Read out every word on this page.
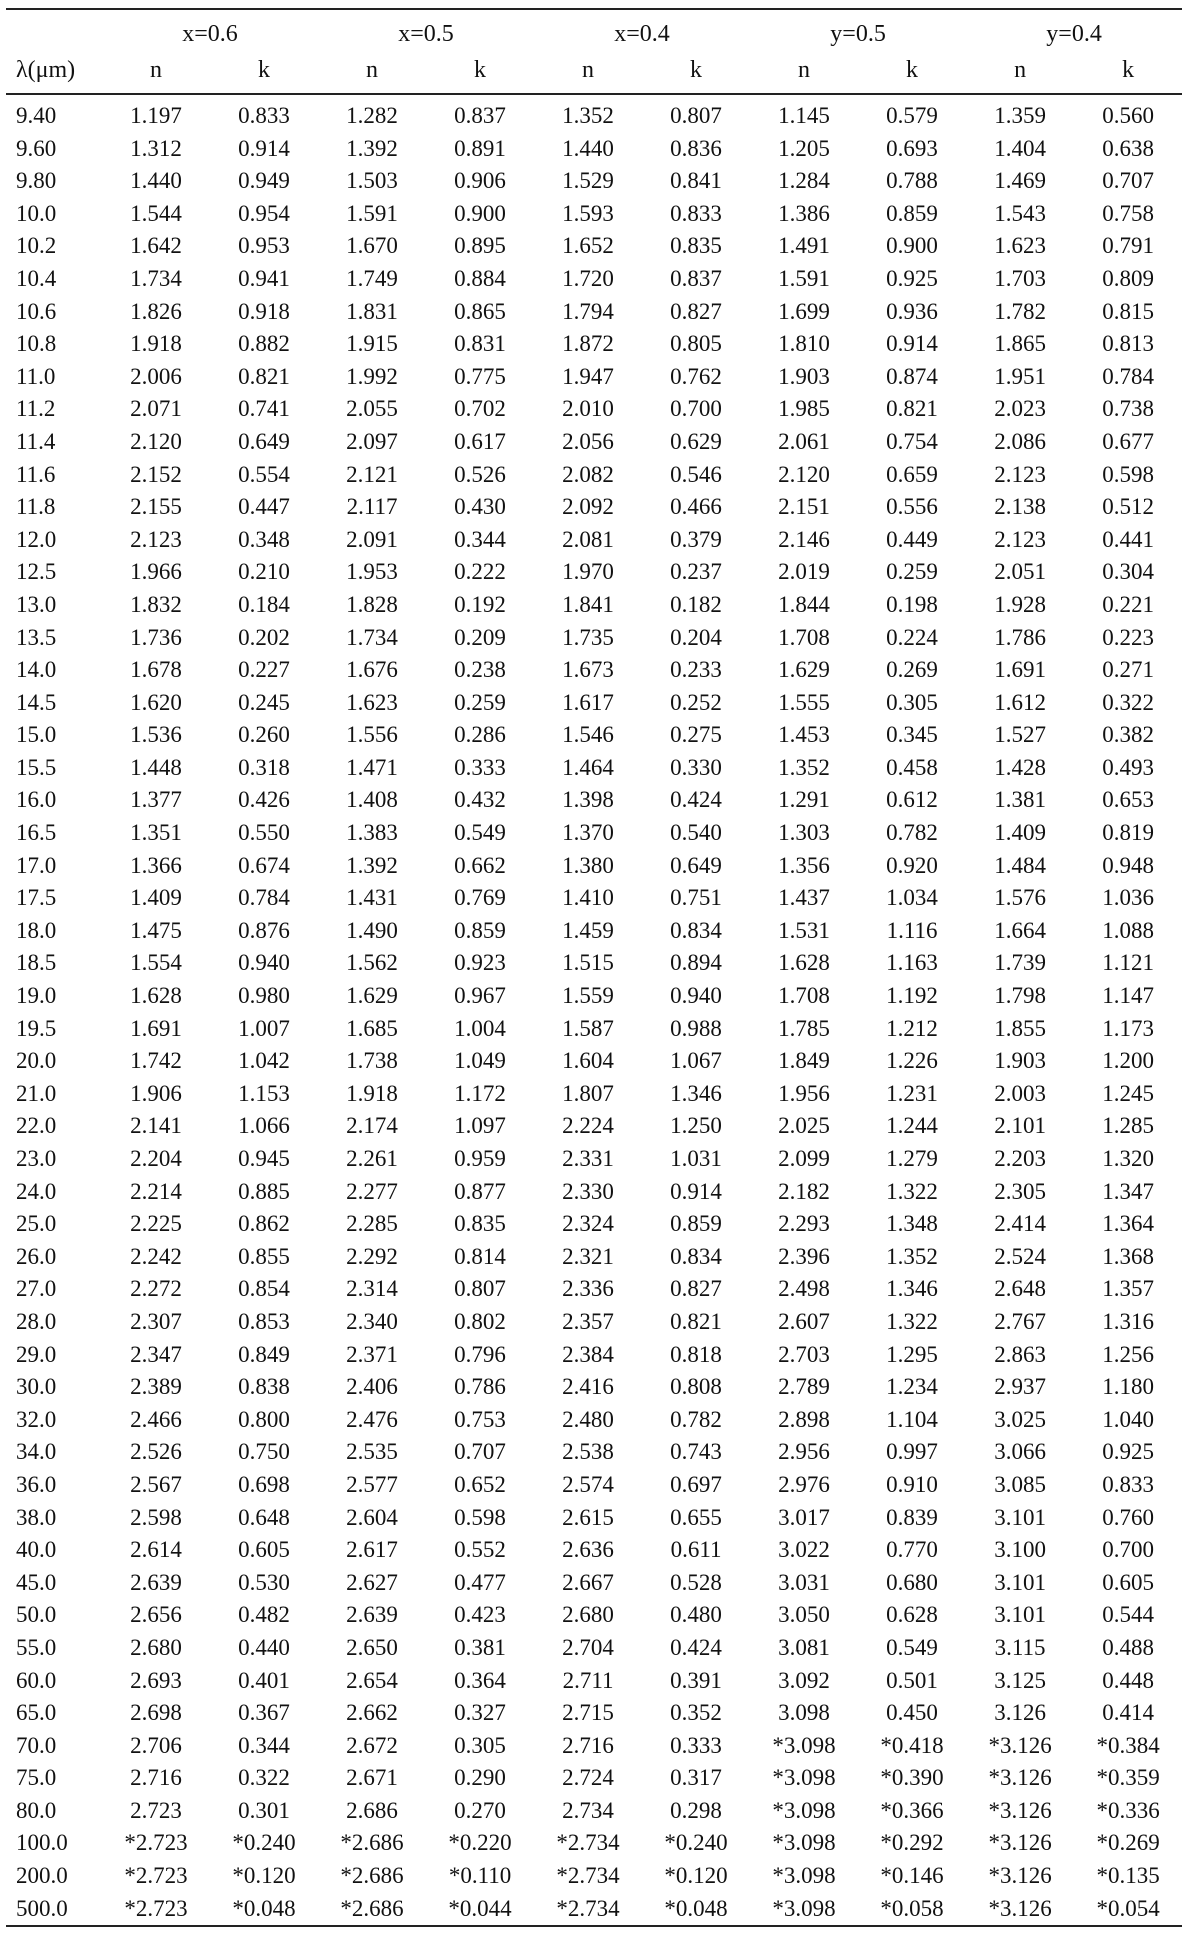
	x=0.6		x=0.5		x=0.4		y=0.5		y=0.4	
λ(μm)	n	k	n	k	n	k	n	k	n	k

9.40	1.197	0.833	1.282	0.837	1.352	0.807	1.145	0.579	1.359	0.560
9.60	1.312	0.914	1.392	0.891	1.440	0.836	1.205	0.693	1.404	0.638
9.80	1.440	0.949	1.503	0.906	1.529	0.841	1.284	0.788	1.469	0.707
10.0	1.544	0.954	1.591	0.900	1.593	0.833	1.386	0.859	1.543	0.758
10.2	1.642	0.953	1.670	0.895	1.652	0.835	1.491	0.900	1.623	0.791
10.4	1.734	0.941	1.749	0.884	1.720	0.837	1.591	0.925	1.703	0.809
10.6	1.826	0.918	1.831	0.865	1.794	0.827	1.699	0.936	1.782	0.815
10.8	1.918	0.882	1.915	0.831	1.872	0.805	1.810	0.914	1.865	0.813
11.0	2.006	0.821	1.992	0.775	1.947	0.762	1.903	0.874	1.951	0.784
11.2	2.071	0.741	2.055	0.702	2.010	0.700	1.985	0.821	2.023	0.738
11.4	2.120	0.649	2.097	0.617	2.056	0.629	2.061	0.754	2.086	0.677
11.6	2.152	0.554	2.121	0.526	2.082	0.546	2.120	0.659	2.123	0.598
11.8	2.155	0.447	2.117	0.430	2.092	0.466	2.151	0.556	2.138	0.512
12.0	2.123	0.348	2.091	0.344	2.081	0.379	2.146	0.449	2.123	0.441
12.5	1.966	0.210	1.953	0.222	1.970	0.237	2.019	0.259	2.051	0.304
13.0	1.832	0.184	1.828	0.192	1.841	0.182	1.844	0.198	1.928	0.221
13.5	1.736	0.202	1.734	0.209	1.735	0.204	1.708	0.224	1.786	0.223
14.0	1.678	0.227	1.676	0.238	1.673	0.233	1.629	0.269	1.691	0.271
14.5	1.620	0.245	1.623	0.259	1.617	0.252	1.555	0.305	1.612	0.322
15.0	1.536	0.260	1.556	0.286	1.546	0.275	1.453	0.345	1.527	0.382
15.5	1.448	0.318	1.471	0.333	1.464	0.330	1.352	0.458	1.428	0.493
16.0	1.377	0.426	1.408	0.432	1.398	0.424	1.291	0.612	1.381	0.653
16.5	1.351	0.550	1.383	0.549	1.370	0.540	1.303	0.782	1.409	0.819
17.0	1.366	0.674	1.392	0.662	1.380	0.649	1.356	0.920	1.484	0.948
17.5	1.409	0.784	1.431	0.769	1.410	0.751	1.437	1.034	1.576	1.036
18.0	1.475	0.876	1.490	0.859	1.459	0.834	1.531	1.116	1.664	1.088
18.5	1.554	0.940	1.562	0.923	1.515	0.894	1.628	1.163	1.739	1.121
19.0	1.628	0.980	1.629	0.967	1.559	0.940	1.708	1.192	1.798	1.147
19.5	1.691	1.007	1.685	1.004	1.587	0.988	1.785	1.212	1.855	1.173
20.0	1.742	1.042	1.738	1.049	1.604	1.067	1.849	1.226	1.903	1.200
21.0	1.906	1.153	1.918	1.172	1.807	1.346	1.956	1.231	2.003	1.245
22.0	2.141	1.066	2.174	1.097	2.224	1.250	2.025	1.244	2.101	1.285
23.0	2.204	0.945	2.261	0.959	2.331	1.031	2.099	1.279	2.203	1.320
24.0	2.214	0.885	2.277	0.877	2.330	0.914	2.182	1.322	2.305	1.347
25.0	2.225	0.862	2.285	0.835	2.324	0.859	2.293	1.348	2.414	1.364
26.0	2.242	0.855	2.292	0.814	2.321	0.834	2.396	1.352	2.524	1.368
27.0	2.272	0.854	2.314	0.807	2.336	0.827	2.498	1.346	2.648	1.357
28.0	2.307	0.853	2.340	0.802	2.357	0.821	2.607	1.322	2.767	1.316
29.0	2.347	0.849	2.371	0.796	2.384	0.818	2.703	1.295	2.863	1.256
30.0	2.389	0.838	2.406	0.786	2.416	0.808	2.789	1.234	2.937	1.180
32.0	2.466	0.800	2.476	0.753	2.480	0.782	2.898	1.104	3.025	1.040
34.0	2.526	0.750	2.535	0.707	2.538	0.743	2.956	0.997	3.066	0.925
36.0	2.567	0.698	2.577	0.652	2.574	0.697	2.976	0.910	3.085	0.833
38.0	2.598	0.648	2.604	0.598	2.615	0.655	3.017	0.839	3.101	0.760
40.0	2.614	0.605	2.617	0.552	2.636	0.611	3.022	0.770	3.100	0.700
45.0	2.639	0.530	2.627	0.477	2.667	0.528	3.031	0.680	3.101	0.605
50.0	2.656	0.482	2.639	0.423	2.680	0.480	3.050	0.628	3.101	0.544
55.0	2.680	0.440	2.650	0.381	2.704	0.424	3.081	0.549	3.115	0.488
60.0	2.693	0.401	2.654	0.364	2.711	0.391	3.092	0.501	3.125	0.448
65.0	2.698	0.367	2.662	0.327	2.715	0.352	3.098	0.450	3.126	0.414
70.0	2.706	0.344	2.672	0.305	2.716	0.333	*3.098	*0.418	*3.126	*0.384
75.0	2.716	0.322	2.671	0.290	2.724	0.317	*3.098	*0.390	*3.126	*0.359
80.0	2.723	0.301	2.686	0.270	2.734	0.298	*3.098	*0.366	*3.126	*0.336
100.0	*2.723	*0.240	*2.686	*0.220	*2.734	*0.240	*3.098	*0.292	*3.126	*0.269
200.0	*2.723	*0.120	*2.686	*0.110	*2.734	*0.120	*3.098	*0.146	*3.126	*0.135
500.0	*2.723	*0.048	*2.686	*0.044	*2.734	*0.048	*3.098	*0.058	*3.126	*0.054
